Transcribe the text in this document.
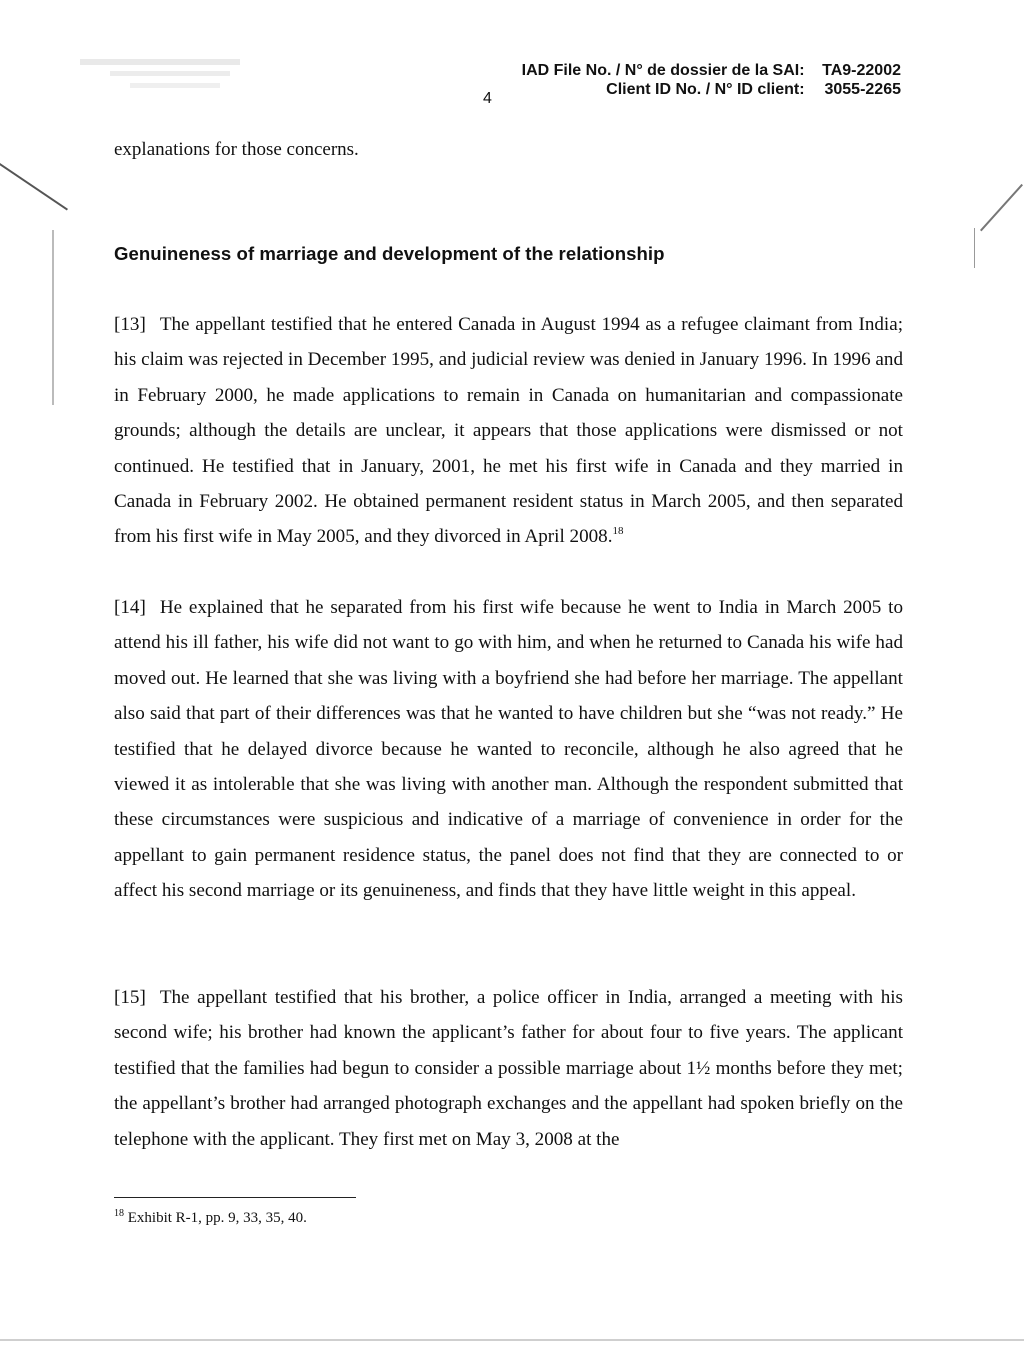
4
IAD File No. / N° de dossier de la SAI: TA9-22002
Client ID No. / N° ID client: 3055-2265
explanations for those concerns.
Genuineness of marriage and development of the relationship
[13] The appellant testified that he entered Canada in August 1994 as a refugee claimant from India; his claim was rejected in December 1995, and judicial review was denied in January 1996. In 1996 and in February 2000, he made applications to remain in Canada on humanitarian and compassionate grounds; although the details are unclear, it appears that those applications were dismissed or not continued. He testified that in January, 2001, he met his first wife in Canada and they married in Canada in February 2002. He obtained permanent resident status in March 2005, and then separated from his first wife in May 2005, and they divorced in April 2008.18
[14] He explained that he separated from his first wife because he went to India in March 2005 to attend his ill father, his wife did not want to go with him, and when he returned to Canada his wife had moved out. He learned that she was living with a boyfriend she had before her marriage. The appellant also said that part of their differences was that he wanted to have children but she “was not ready.” He testified that he delayed divorce because he wanted to reconcile, although he also agreed that he viewed it as intolerable that she was living with another man. Although the respondent submitted that these circumstances were suspicious and indicative of a marriage of convenience in order for the appellant to gain permanent residence status, the panel does not find that they are connected to or affect his second marriage or its genuineness, and finds that they have little weight in this appeal.
[15] The appellant testified that his brother, a police officer in India, arranged a meeting with his second wife; his brother had known the applicant’s father for about four to five years. The applicant testified that the families had begun to consider a possible marriage about 1½ months before they met; the appellant’s brother had arranged photograph exchanges and the appellant had spoken briefly on the telephone with the applicant. They first met on May 3, 2008 at the
$^{18}$ Exhibit R-1, pp. 9, 33, 35, 40.
